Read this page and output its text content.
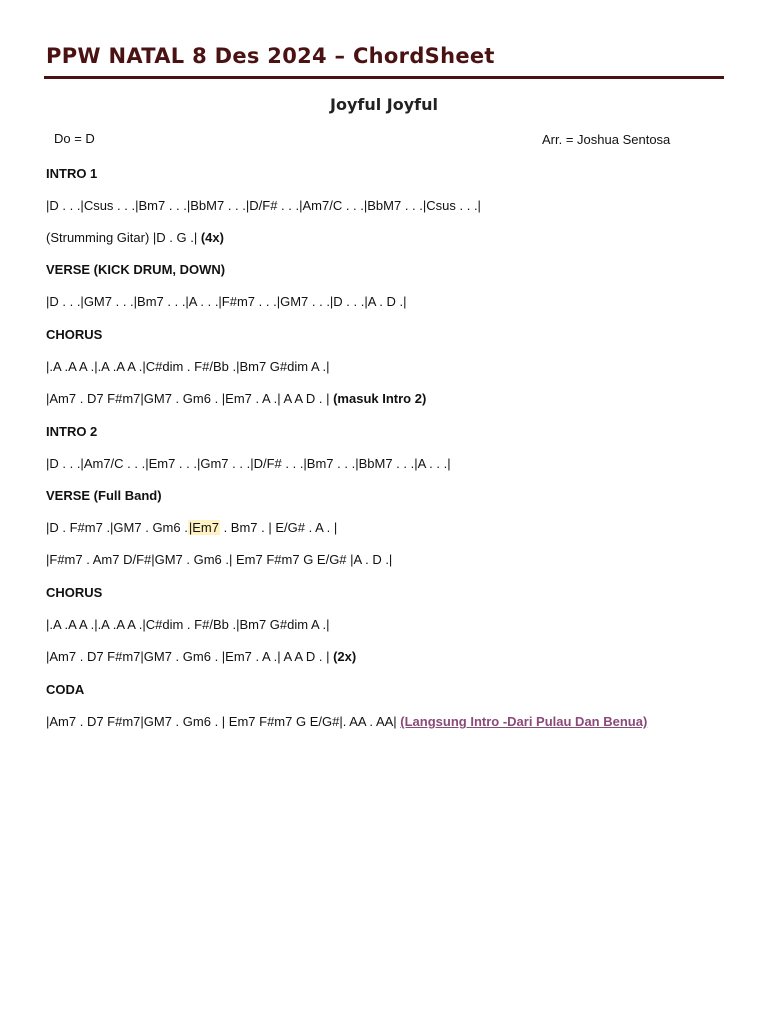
PPW NATAL 8 Des 2024 – ChordSheet
Joyful Joyful
Do = D	Arr. = Joshua Sentosa
INTRO 1
|D . . .|Csus . . .|Bm7 . . .|BbM7 . . .|D/F# . . .|Am7/C . . .|BbM7 . . .|Csus . . .|
(Strumming Gitar) |D . G .| (4x)
VERSE (KICK DRUM, DOWN)
|D . . .|GM7 . . .|Bm7 . . .|A . . .|F#m7 . . .|GM7 . . .|D . . .|A . D .|
CHORUS
|.A .A A .|.A .A A .|C#dim . F#/Bb .|Bm7 G#dim A .|
|Am7 . D7 F#m7|GM7 . Gm6 . |Em7 . A .| A A D . | (masuk Intro 2)
INTRO 2
|D . . .|Am7/C . . .|Em7 . . .|Gm7 . . .|D/F# . . .|Bm7 . . .|BbM7 . . .|A . . .|
VERSE (Full Band)
|D . F#m7 .|GM7 . Gm6 .|Em7 . Bm7 . | E/G# . A . |
|F#m7 . Am7 D/F#|GM7 . Gm6 .| Em7 F#m7 G E/G# |A . D .|
CHORUS
|.A .A A .|.A .A A .|C#dim . F#/Bb .|Bm7 G#dim A .|
|Am7 . D7 F#m7|GM7 . Gm6 . |Em7 . A .| A A D . | (2x)
CODA
|Am7 . D7 F#m7|GM7 . Gm6 . | Em7 F#m7 G E/G#|. AA . AA| (Langsung Intro -Dari Pulau Dan Benua)
